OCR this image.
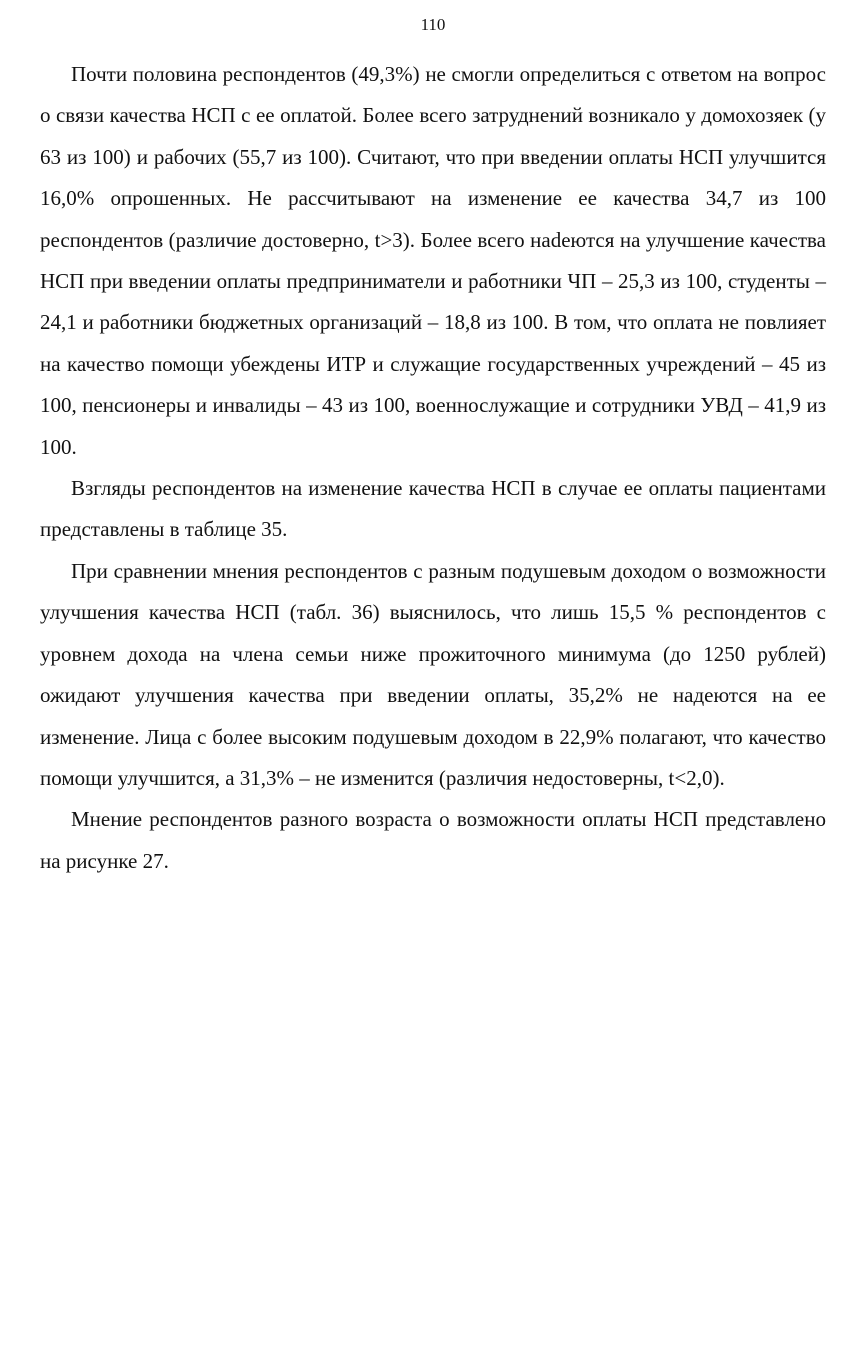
110

Почти половина респондентов (49,3%) не смогли определиться с ответом на вопрос о связи качества НСП с ее оплатой. Более всего затруднений возникало у домохозяек (у 63 из 100) и рабочих (55,7 из 100). Считают, что при введении оплаты НСП улучшится 16,0% опрошенных. Не рассчитывают на изменение ее качества 34,7 из 100 респондентов (различие достоверно, t>3). Более всего наdеются на улучшение качества НСП при введении оплаты предприниматели и работники ЧП – 25,3 из 100, студенты – 24,1 и работники бюджетных организаций – 18,8 из 100. В том, что оплата не повлияет на качество помощи убеждены ИТР и служащие государственных учреждений – 45 из 100, пенсионеры и инвалиды – 43 из 100, военнослужащие и сотрудники УВД – 41,9 из 100.

Взгляды респондентов на изменение качества НСП в случае ее оплаты пациентами представлены в таблице 35.

При сравнении мнения респондентов с разным подушевым доходом о возможности улучшения качества НСП (табл. 36) выяснилось, что лишь 15,5 % респондентов с уровнем дохода на члена семьи ниже прожиточного минимума (до 1250 рублей) ожидают улучшения качества при введении оплаты, 35,2% не надеются на ее изменение. Лица с более высоким подушевым доходом в 22,9% полагают, что качество помощи улучшится, а 31,3% – не изменится (различия недостоверны, t<2,0).

Мнение респондентов разного возраста о возможности оплаты НСП представлено на рисунке 27.
